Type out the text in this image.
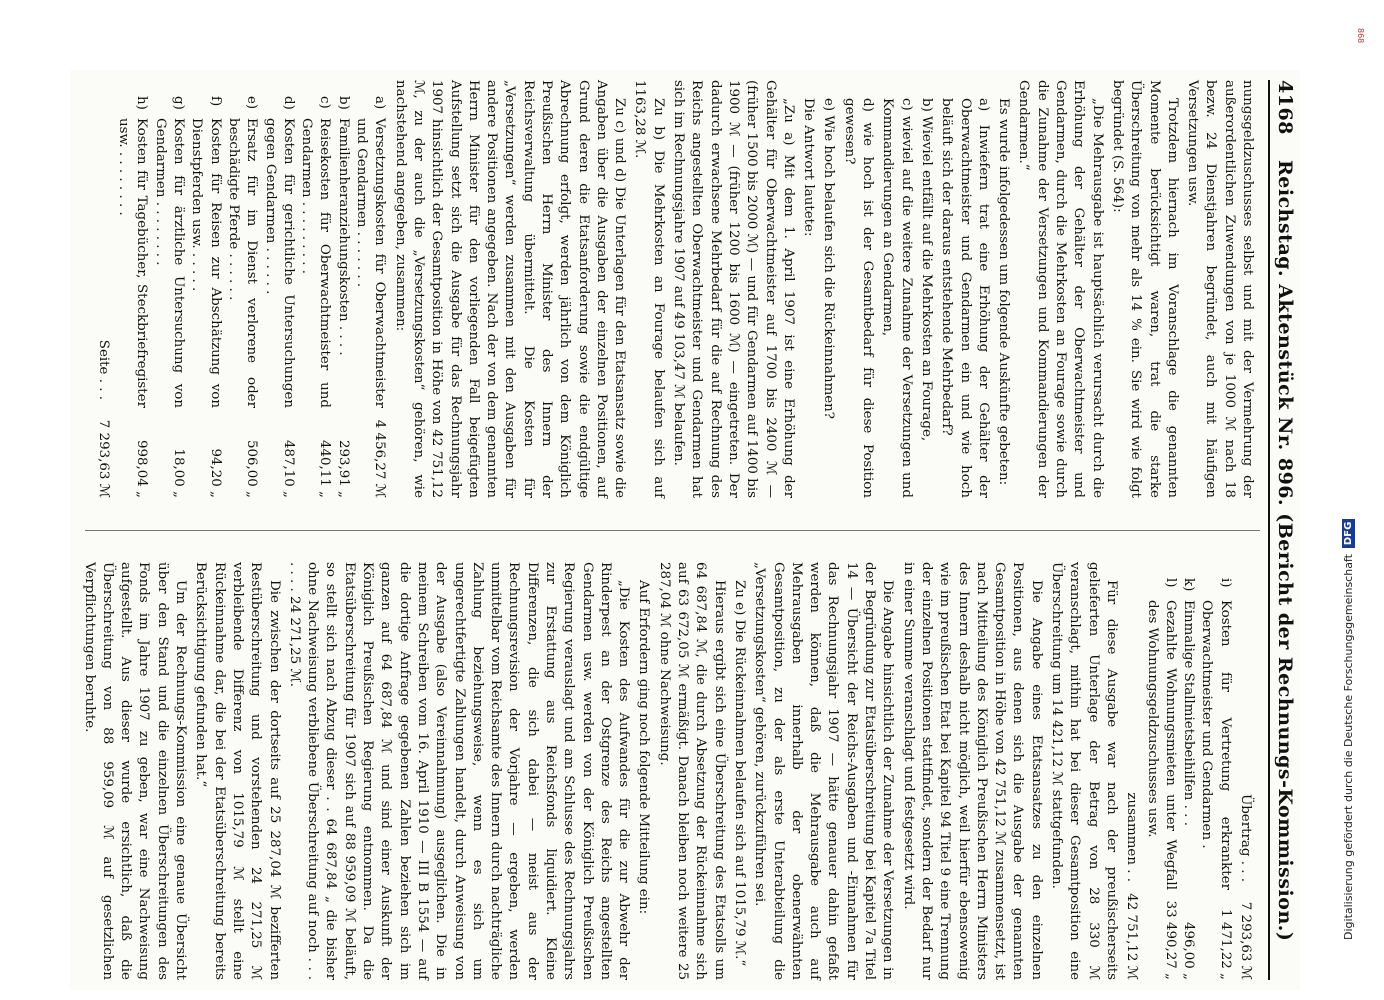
4168
Reichstag. Aktenstück Nr. 896. (Bericht der Rechnungs-Kommission.)

nungsgeldzuschusses selbst und mit der Vermehrung der außerordentlichen Zuwendungen von je 1000 ℳ nach 18 bezw. 24 Dienstjahren begründet, auch mit häufigen Versetzungen usw.

Trotzdem hiernach im Voranschlage die genannten Momente berücksichtigt waren, trat die starke Überschreitung von mehr als 14 % ein. Sie wird wie folgt begründet (S. 564):

„Die Mehrausgabe ist hauptsächlich verursacht durch die Erhöhung der Gehälter der Oberwachtmeister und Gendarmen, durch die Mehrkosten an Fourage sowie durch die Zunahme der Versetzungen und Kommandierungen der Gendarmen.“

Es wurde infolgedessen um folgende Auskünfte gebeten:

a) Inwiefern trat eine Erhöhung der Gehälter der Oberwachtmeister und Gendarmen ein und wie hoch beläuft sich der daraus entstehende Mehrbedarf?

b) Wieviel entfällt auf die Mehrkosten an Fourage,

c) wieviel auf die weitere Zunahme der Versetzungen und Kommandierungen an Gendarmen,

d) wie hoch ist der Gesamtbedarf für diese Position gewesen?

e) Wie hoch belaufen sich die Rückeinnahmen?

Die Antwort lautete:

„Zu a) Mit dem 1. April 1907 ist eine Erhöhung der Gehälter für Oberwachtmeister auf 1700 bis 2400 ℳ — (früher 1500 bis 2000 ℳ) — und für Gendarmen auf 1400 bis 1900 ℳ — (früher 1200 bis 1600 ℳ) — eingetreten. Der dadurch erwachsene Mehrbedarf für die auf Rechnung des Reichs angestellten Oberwachtmeister und Gendarmen hat sich im Rechnungsjahre 1907 auf 49 103,47 ℳ belaufen.

Zu b) Die Mehrkosten an Fourage belaufen sich auf 1163,28 ℳ.

Zu c) und d) Die Unterlagen für den Etatsansatz sowie die Angaben über die Ausgaben der einzelnen Positionen, auf Grund deren die Etatsanforderung sowie die endgültige Abrechnung erfolgt, werden jährlich von dem Königlich Preußischen Herrn Minister des Innern der Reichsverwaltung übermittelt. Die Kosten für „Versetzungen“ werden zusammen mit den Ausgaben für andere Positionen angegeben. Nach der von dem genannten Herrn Minister für den vorliegenden Fall beigefügten Aufstellung setzt sich die Ausgabe für das Rechnungsjahr 1907 hinsichtlich der Gesamtposition in Höhe von 42 751,12 ℳ, zu der auch die „Versetzungskosten“ gehören, wie nachstehend angegeben, zusammen:

a)
Versetzungskosten für Oberwachtmeister und Gendarmen . . . . . . .
4 456,27 ℳ
b)
Familienheranziehungskosten . . . .
293,91 „
c)
Reisekosten für Oberwachtmeister und Gendarmen . . . . . . . . .
440,11 „
d)
Kosten für gerichtliche Untersuchungen gegen Gendarmen . . . . . .
487,10 „
e)
Ersatz für im Dienst verlorene oder beschädigte Pferde . . . . . .
506,00 „
f)
Kosten für Reisen zur Abschätzung von Dienstpferden usw. . . . . .
94,20 „
g)
Kosten für ärztliche Untersuchung von Gendarmen . . . . . . . .
18,00 „
h)
Kosten für Tagebücher, Steckbriefregister usw. . . . . . . . .
998,04 „
Seite . . .
7 293,63 ℳ
Übertrag . . .
7 293,63 ℳ
i)
Kosten für Vertretung erkrankter Oberwachtmeister und Gendarmen .
1 471,22 „
k)
Einmalige Stallmietsbeihilfen . . .
496,00 „
l)
Gezahlte Wohnungsmieten unter Wegfall des Wohnungsgeldzuschusses usw.
33 490,27 „
zusammen . .
42 751,12 ℳ

Für diese Ausgabe war nach der preußischerseits gelieferten Unterlage der Betrag von 28 330 ℳ veranschlagt, mithin hat bei dieser Gesamtposition eine Überschreitung um 14 421,12 ℳ stattgefunden.

Die Angabe eines Etatsansatzes zu den einzelnen Positionen, aus denen sich die Ausgabe der genannten Gesamtposition in Höhe von 42 751,12 ℳ zusammensetzt, ist nach Mitteilung des Königlich Preußischen Herrn Ministers des Innern deshalb nicht möglich, weil hierfür ebensowenig wie im preußischen Etat bei Kapitel 94 Titel 9 eine Trennung der einzelnen Positionen stattfindet, sondern der Bedarf nur in einer Summe veranschlagt und festgesetzt wird.

Die Angabe hinsichtlich der Zunahme der Versetzungen in der Begründung zur Etatsüberschreitung bei Kapitel 7a Titel 14 — Übersicht der Reichs-Ausgaben und -Einnahmen für das Rechnungsjahr 1907 — hätte genauer dahin gefaßt werden können, daß die Mehrausgabe auch auf Mehrausgaben innerhalb der obenerwähnten Gesamtposition, zu der als erste Unterabteilung die „Versetzungskosten“ gehören, zurückzuführen sei.

Zu e) Die Rückeinnahmen belaufen sich auf 1015,79 ℳ.“

Hieraus ergibt sich eine Überschreitung des Etatsolls um 64 687,84 ℳ, die durch Absetzung der Rückeinnahme sich auf 63 672,05 ℳ ermäßigt. Danach bleiben noch weitere 25 287,04 ℳ ohne Nachweisung.

Auf Erfordern ging noch folgende Mitteilung ein:

„Die Kosten des Aufwandes für die zur Abwehr der Rinderpest an der Ostgrenze des Reichs angestellten Gendarmen usw. werden von der Königlich Preußischen Regierung verauslagt und am Schlusse des Rechnungsjahrs zur Erstattung aus Reichsfonds liquidiert. Kleine Differenzen, die sich dabei — meist aus der Rechnungsrevision der Vorjahre — ergeben, werden unmittelbar vom Reichsamte des Innern durch nachträgliche Zahlung beziehungsweise, wenn es sich um ungerechtfertigte Zahlungen handelt, durch Anweisung von der Ausgabe (also Vereinnahmung) ausgeglichen. Die in meinem Schreiben vom 16. April 1910 — III B 1554 — auf die dortige Anfrage gegebenen Zahlen beziehen sich im ganzen auf 64 687,84 ℳ und sind einer Auskunft der Königlich Preußischen Regierung entnommen. Da die Etatsüberschreitung für 1907 sich auf 88 959,09 ℳ beläuft, so stellt sich nach Abzug dieser . . 64 687,84 „ die bisher ohne Nachweisung verbliebene Überschreitung auf noch . . . . . . . 24 271,25 ℳ.

Die zwischen der dortseits auf 25 287,04 ℳ bezifferten Restüberschreitung und vorstehenden 24 271,25 ℳ verbleibende Differenz von 1015,79 ℳ stellt eine Rückeinnahme dar, die bei der Etatsüberschreitung bereits Berücksichtigung gefunden hat.“

Um der Rechnungs-Kommission eine genaue Übersicht über den Stand und die einzelnen Überschreitungen des Fonds im Jahre 1907 zu geben, war eine Nachweisung aufgestellt. Aus dieser wurde ersichtlich, daß die Überschreitung von 88 959,09 ℳ auf gesetzlichen Verpflichtungen beruhte.	Digitalisierung gefördert durch die Deutsche Forschungsgemeinschaft
DFG
868
